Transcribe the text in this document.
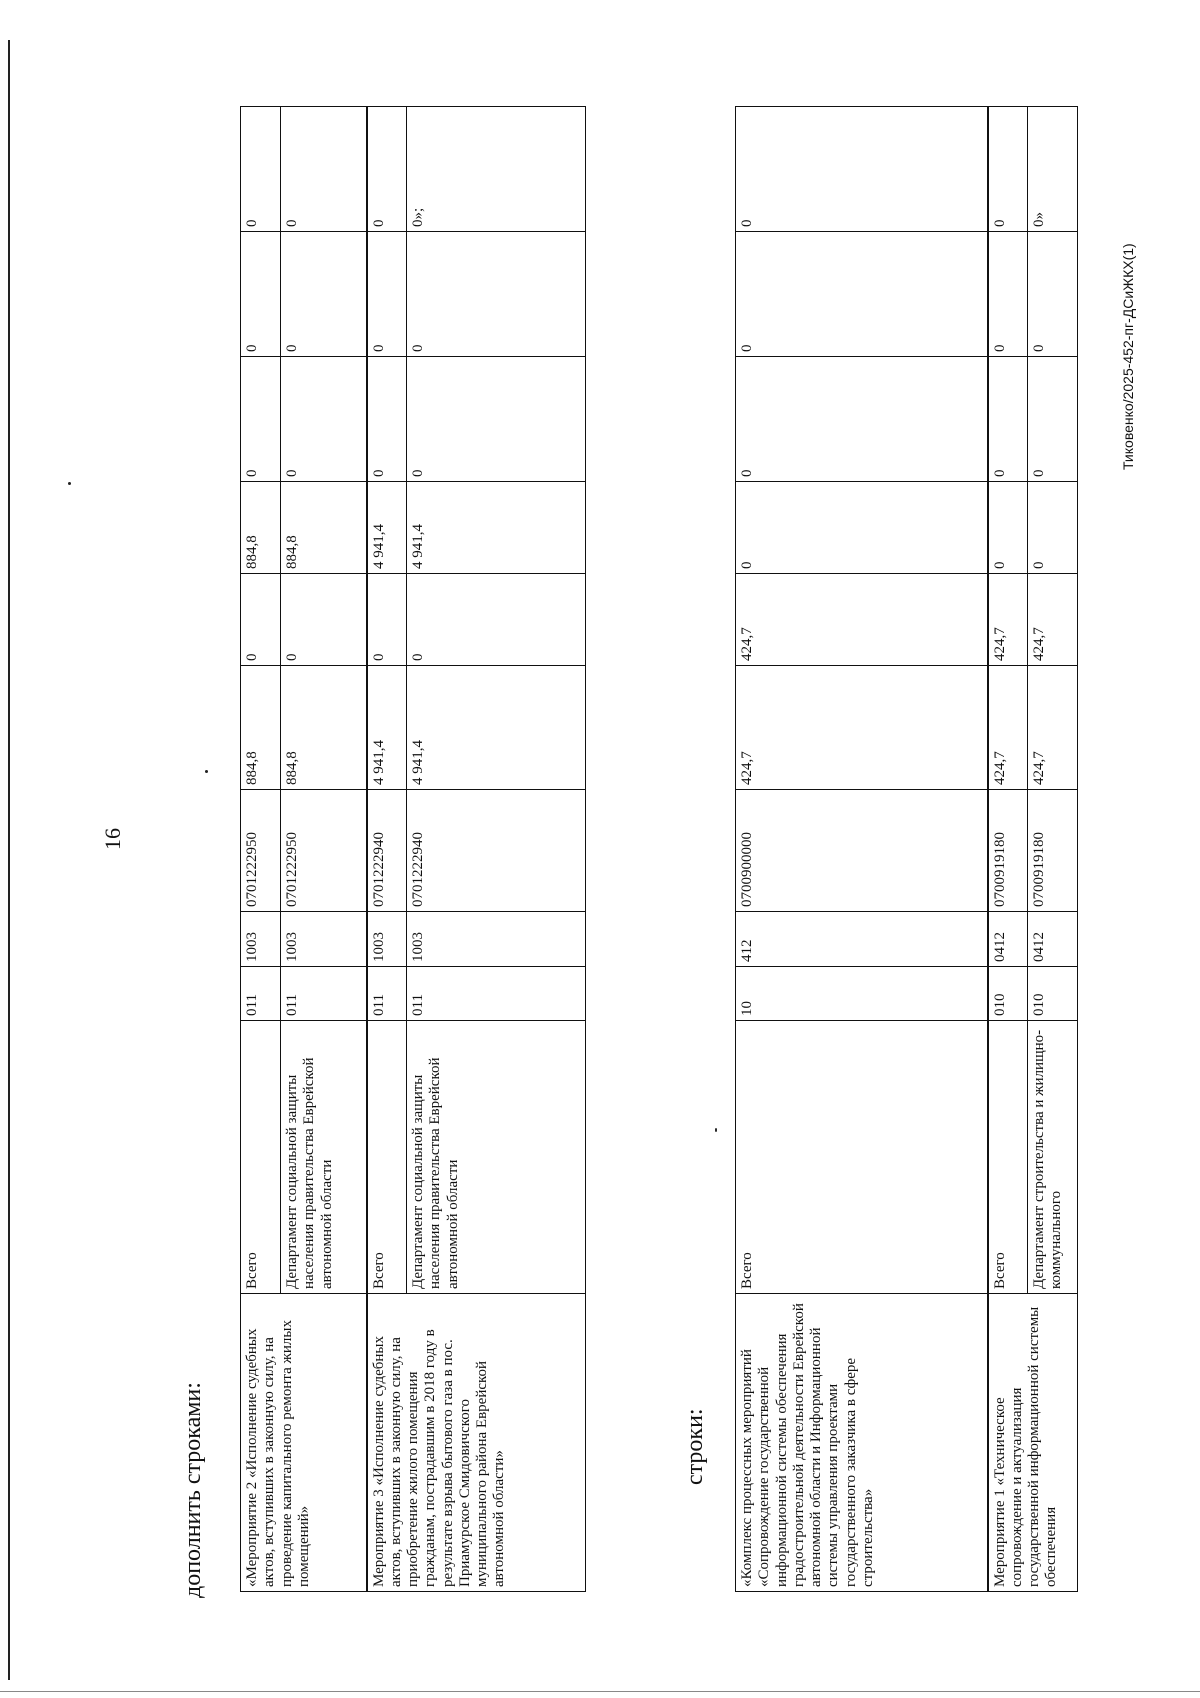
16
дополнить строками:	«Мероприятие 2 «Исполнение судебных актов, вступивших в законную силу, на проведение капитального ремонта жилых помещений»	Всего	011	1003	0701222950	884,8	0	884,8	0	0	0
	Департамент социальной защиты населения правительства Еврейской автономной области	011	1003	0701222950	884,8	0	884,8	0	0	0
Мероприятие 3 «Исполнение судебных актов, вступивших в законную силу, на приобретение жилого помещения гражданам, пострадавшим в 2018 году в результате взрыва бытового газа в пос. Приамурское Смидовичского муниципального района Еврейской автономной области»	Всего	011	1003	0701222940	4 941,4	0	4 941,4	0	0	0
	Департамент социальной защиты населения правительства Еврейской автономной области	011	1003	0701222940	4 941,4	0	4 941,4	0	0	0»;
строки: «Комплекс процессных мероприятий «Сопровождение государственной информационной системы обеспечения градостроительной деятельности Еврейской автономной области и Информационной системы управления проектами государственного заказчика в сфере строительства»	Всего	10	412	0700900000	424,7	424,7	0	0	0	0
Мероприятие 1 «Техническое сопровождение и актуализация государственной информационной системы обеспечения	Всего	010	0412	0700919180	424,7	424,7	0	0	0	0
	Департамент строительства и жилищно-коммунального	010	0412	0700919180	424,7	424,7	0	0	0	0»
Тиковенко/2025-452-пг-ДСиЖКХ(1)
